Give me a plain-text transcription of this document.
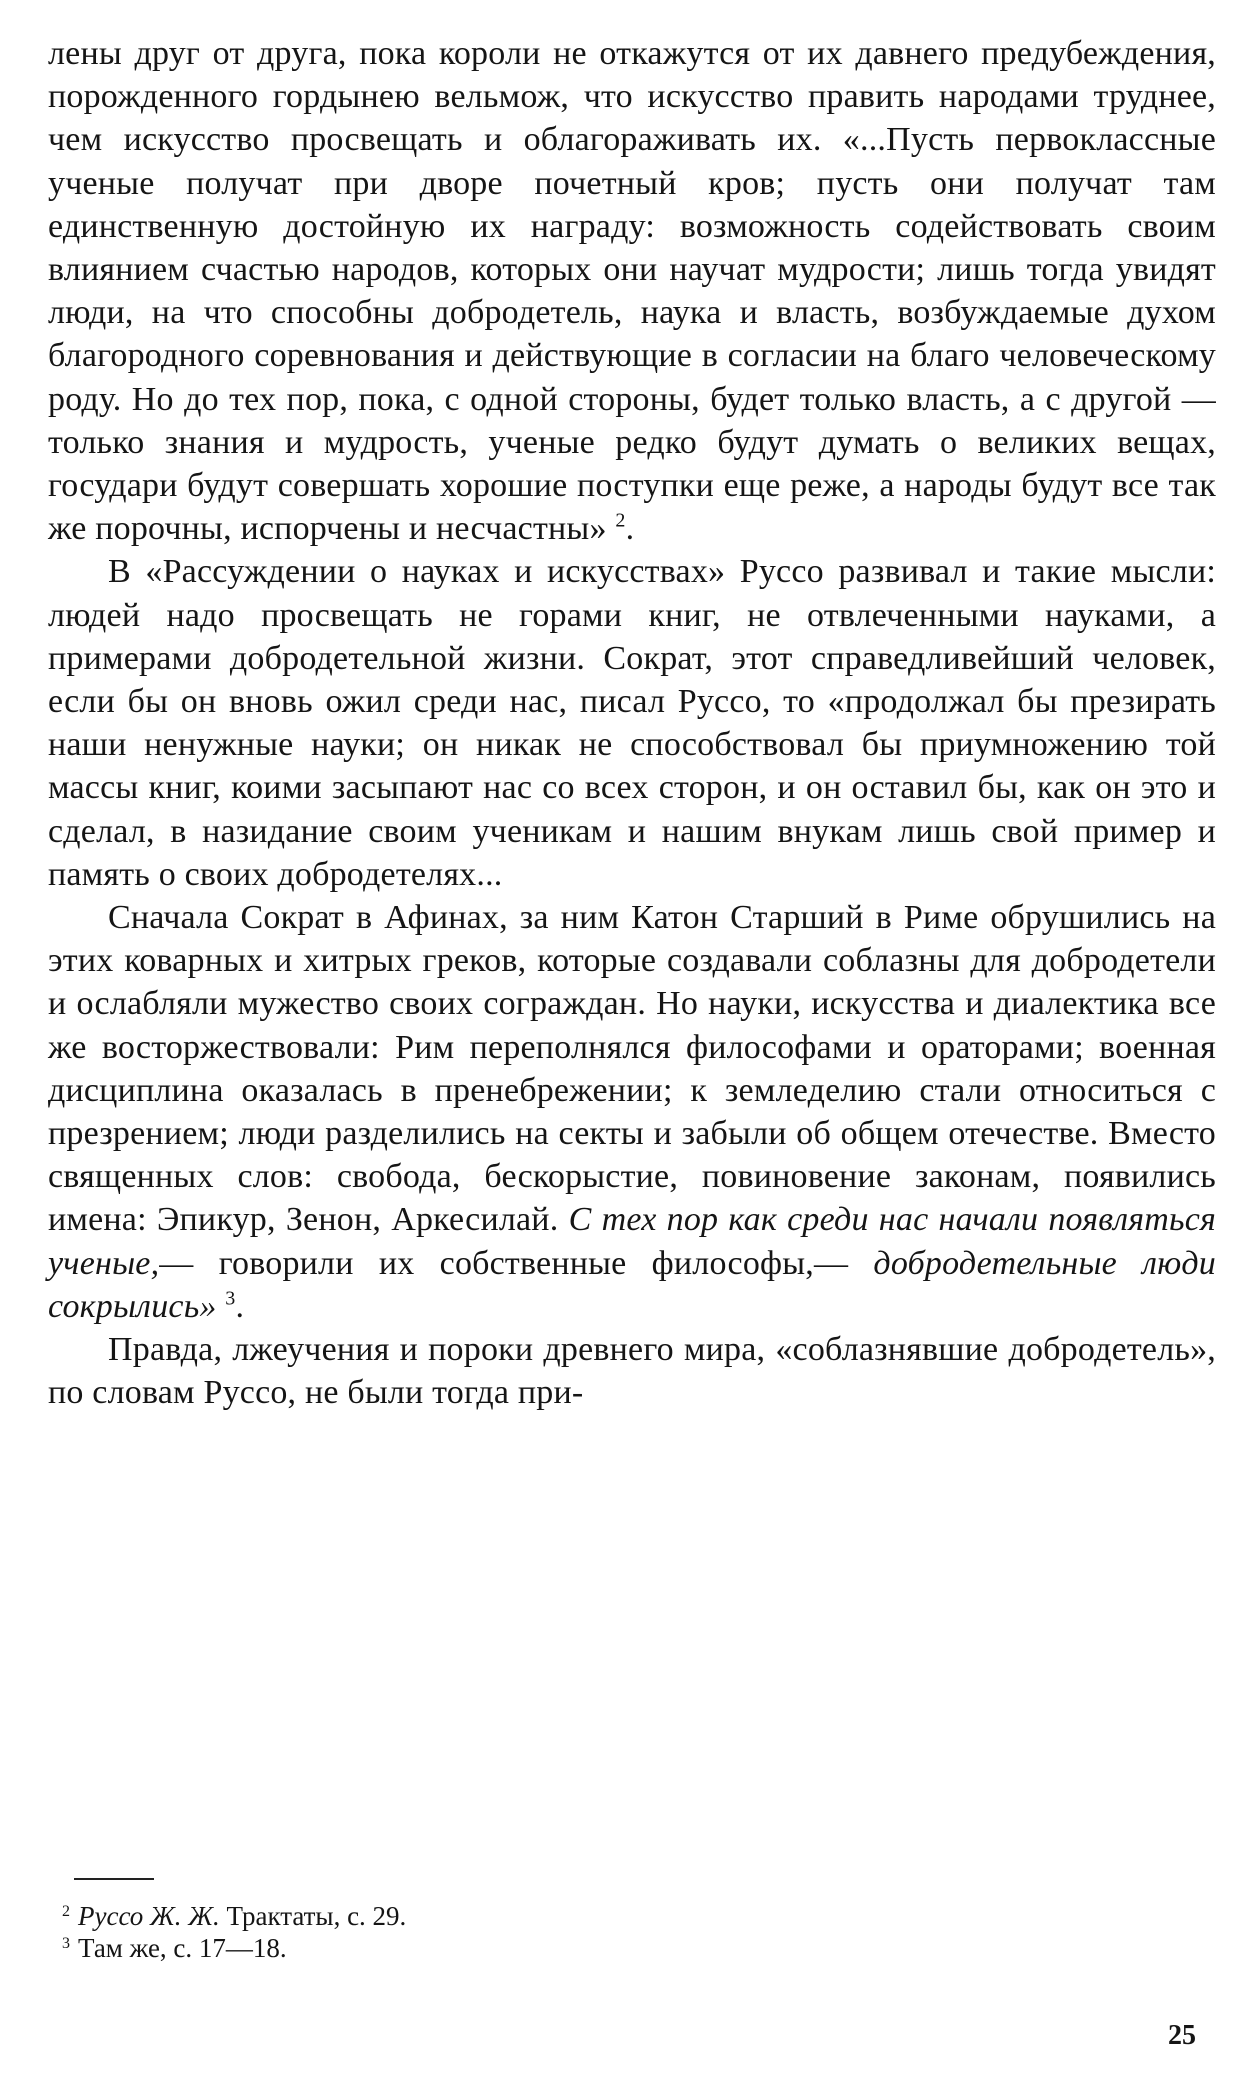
лены друг от друга, пока короли не откажутся от их давнего предубеждения, порожденного гордынею вельмож, что искусство править народами труднее, чем искусство просвещать и облагораживать их. «...Пусть первоклассные ученые получат при дворе почетный кров; пусть они получат там единственную достойную их награду: возможность содействовать своим влиянием счастью народов, которых они научат мудрости; лишь тогда увидят люди, на что способны добродетель, наука и власть, возбуждаемые духом благородного соревнования и действующие в согласии на благо человеческому роду. Но до тех пор, пока, с одной стороны, будет только власть, а с другой — только знания и мудрость, ученые редко будут думать о великих вещах, государи будут совершать хорошие поступки еще реже, а народы будут все так же порочны, испорчены и несчастны» $^2$.

В «Рассуждении о науках и искусствах» Руссо развивал и такие мысли: людей надо просвещать не горами книг, не отвлеченными науками, а примерами добродетельной жизни. Сократ, этот справедливейший человек, если бы он вновь ожил среди нас, писал Руссо, то «продолжал бы презирать наши ненужные науки; он никак не способствовал бы приумножению той массы книг, коими засыпают нас со всех сторон, и он оставил бы, как он это и сделал, в назидание своим ученикам и нашим внукам лишь свой пример и память о своих добродетелях...

Сначала Сократ в Афинах, за ним Катон Старший в Риме обрушились на этих коварных и хитрых греков, которые создавали соблазны для добродетели и ослабляли мужество своих сограждан. Но науки, искусства и диалектика все же восторжествовали: Рим переполнялся философами и ораторами; военная дисциплина оказалась в пренебрежении; к земледелию стали относиться с презрением; люди разделились на секты и забыли об общем отечестве. Вместо священных слов: свобода, бескорыстие, повиновение законам, появились имена: Эпикур, Зенон, Аркесилай. С тех пор как среди нас начали появляться ученые,— говорили их собственные философы,— добродетельные люди сокрылись» $^3$.

Правда, лжеучения и пороки древнего мира, «соблазнявшие добродетель», по словам Руссо, не были тогда при-

$^2$ Руссо Ж. Ж. Трактаты, с. 29.

$^3$ Там же, с. 17—18.

25
